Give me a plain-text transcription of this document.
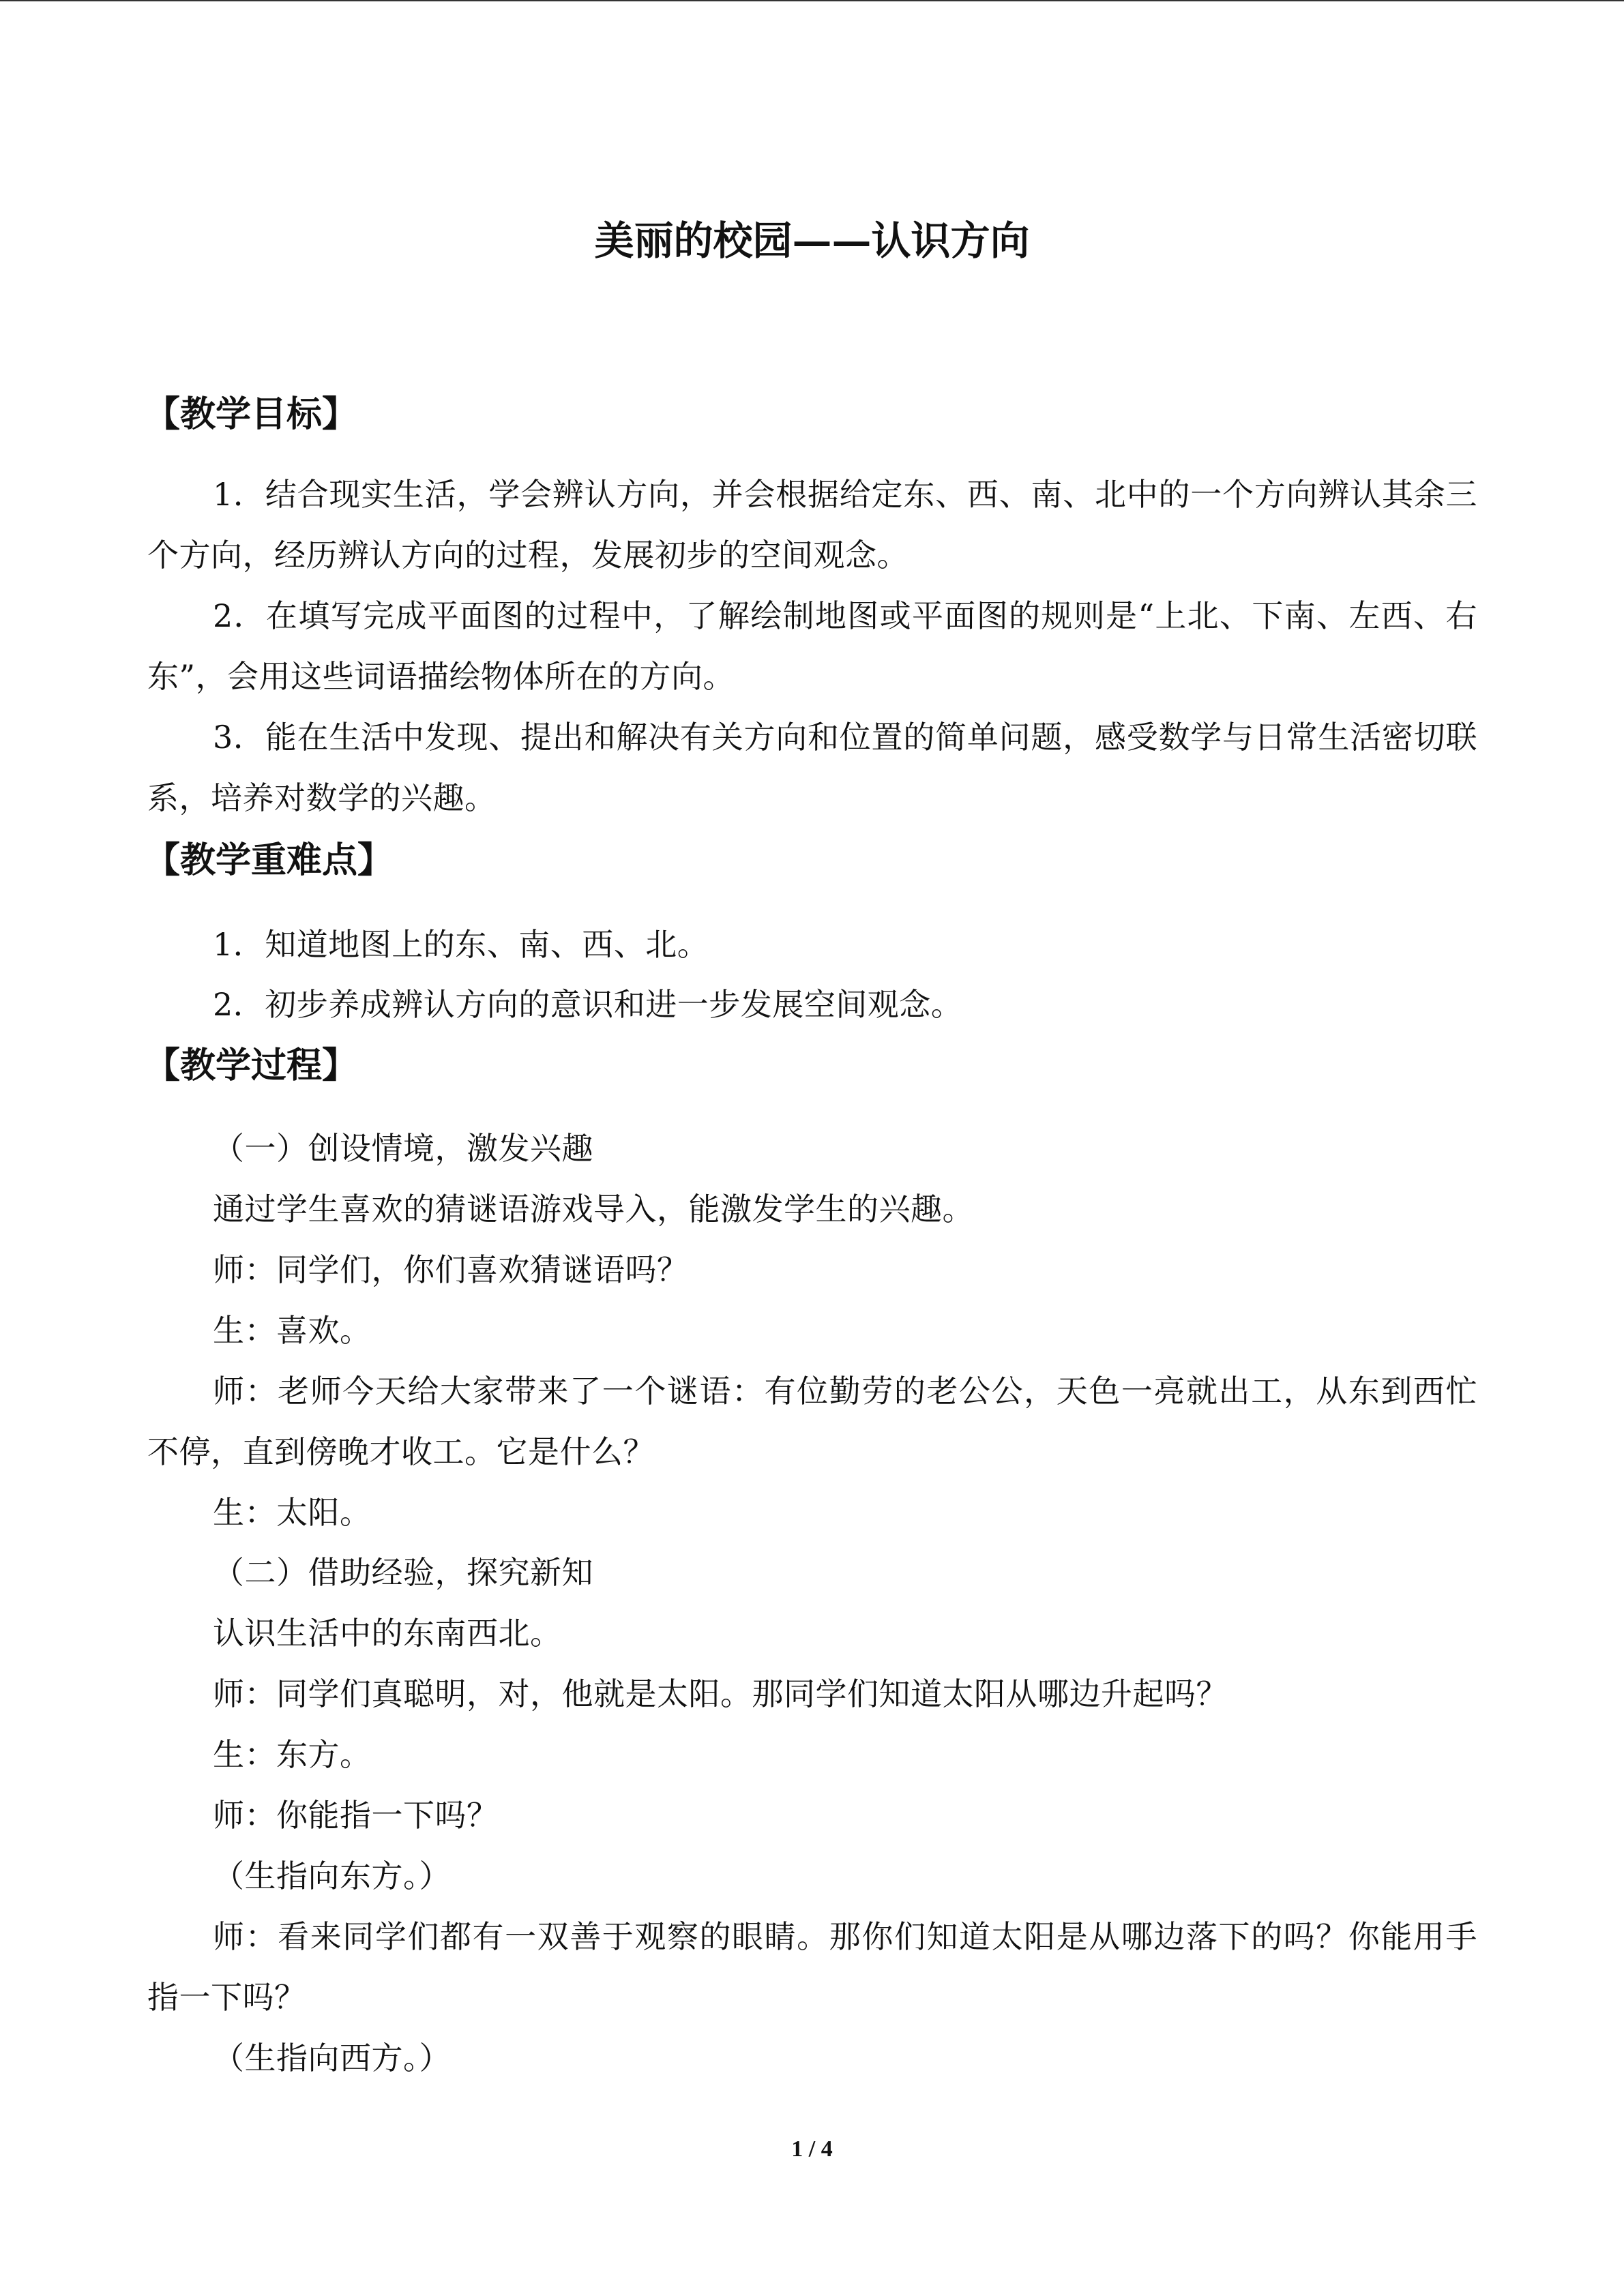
美丽的校园——认识方向
【教学目标】
1．结合现实生活，学会辨认方向，并会根据给定东、西、南、北中的一个方向辨认其余三个方向，经历辨认方向的过程，发展初步的空间观念。
2．在填写完成平面图的过程中，了解绘制地图或平面图的规则是“上北、下南、左西、右东”，会用这些词语描绘物体所在的方向。
3．能在生活中发现、提出和解决有关方向和位置的简单问题，感受数学与日常生活密切联系，培养对数学的兴趣。
【教学重难点】
1．知道地图上的东、南、西、北。
2．初步养成辨认方向的意识和进一步发展空间观念。
【教学过程】
（一）创设情境，激发兴趣
通过学生喜欢的猜谜语游戏导入，能激发学生的兴趣。
师：同学们，你们喜欢猜谜语吗？
生：喜欢。
师：老师今天给大家带来了一个谜语：有位勤劳的老公公，天色一亮就出工，从东到西忙不停，直到傍晚才收工。它是什么？
生：太阳。
（二）借助经验，探究新知
认识生活中的东南西北。
师：同学们真聪明，对，他就是太阳。那同学们知道太阳从哪边升起吗？
生：东方。
师：你能指一下吗？
（生指向东方。）
师：看来同学们都有一双善于观察的眼睛。那你们知道太阳是从哪边落下的吗？你能用手指一下吗？
（生指向西方。）
1 / 4
